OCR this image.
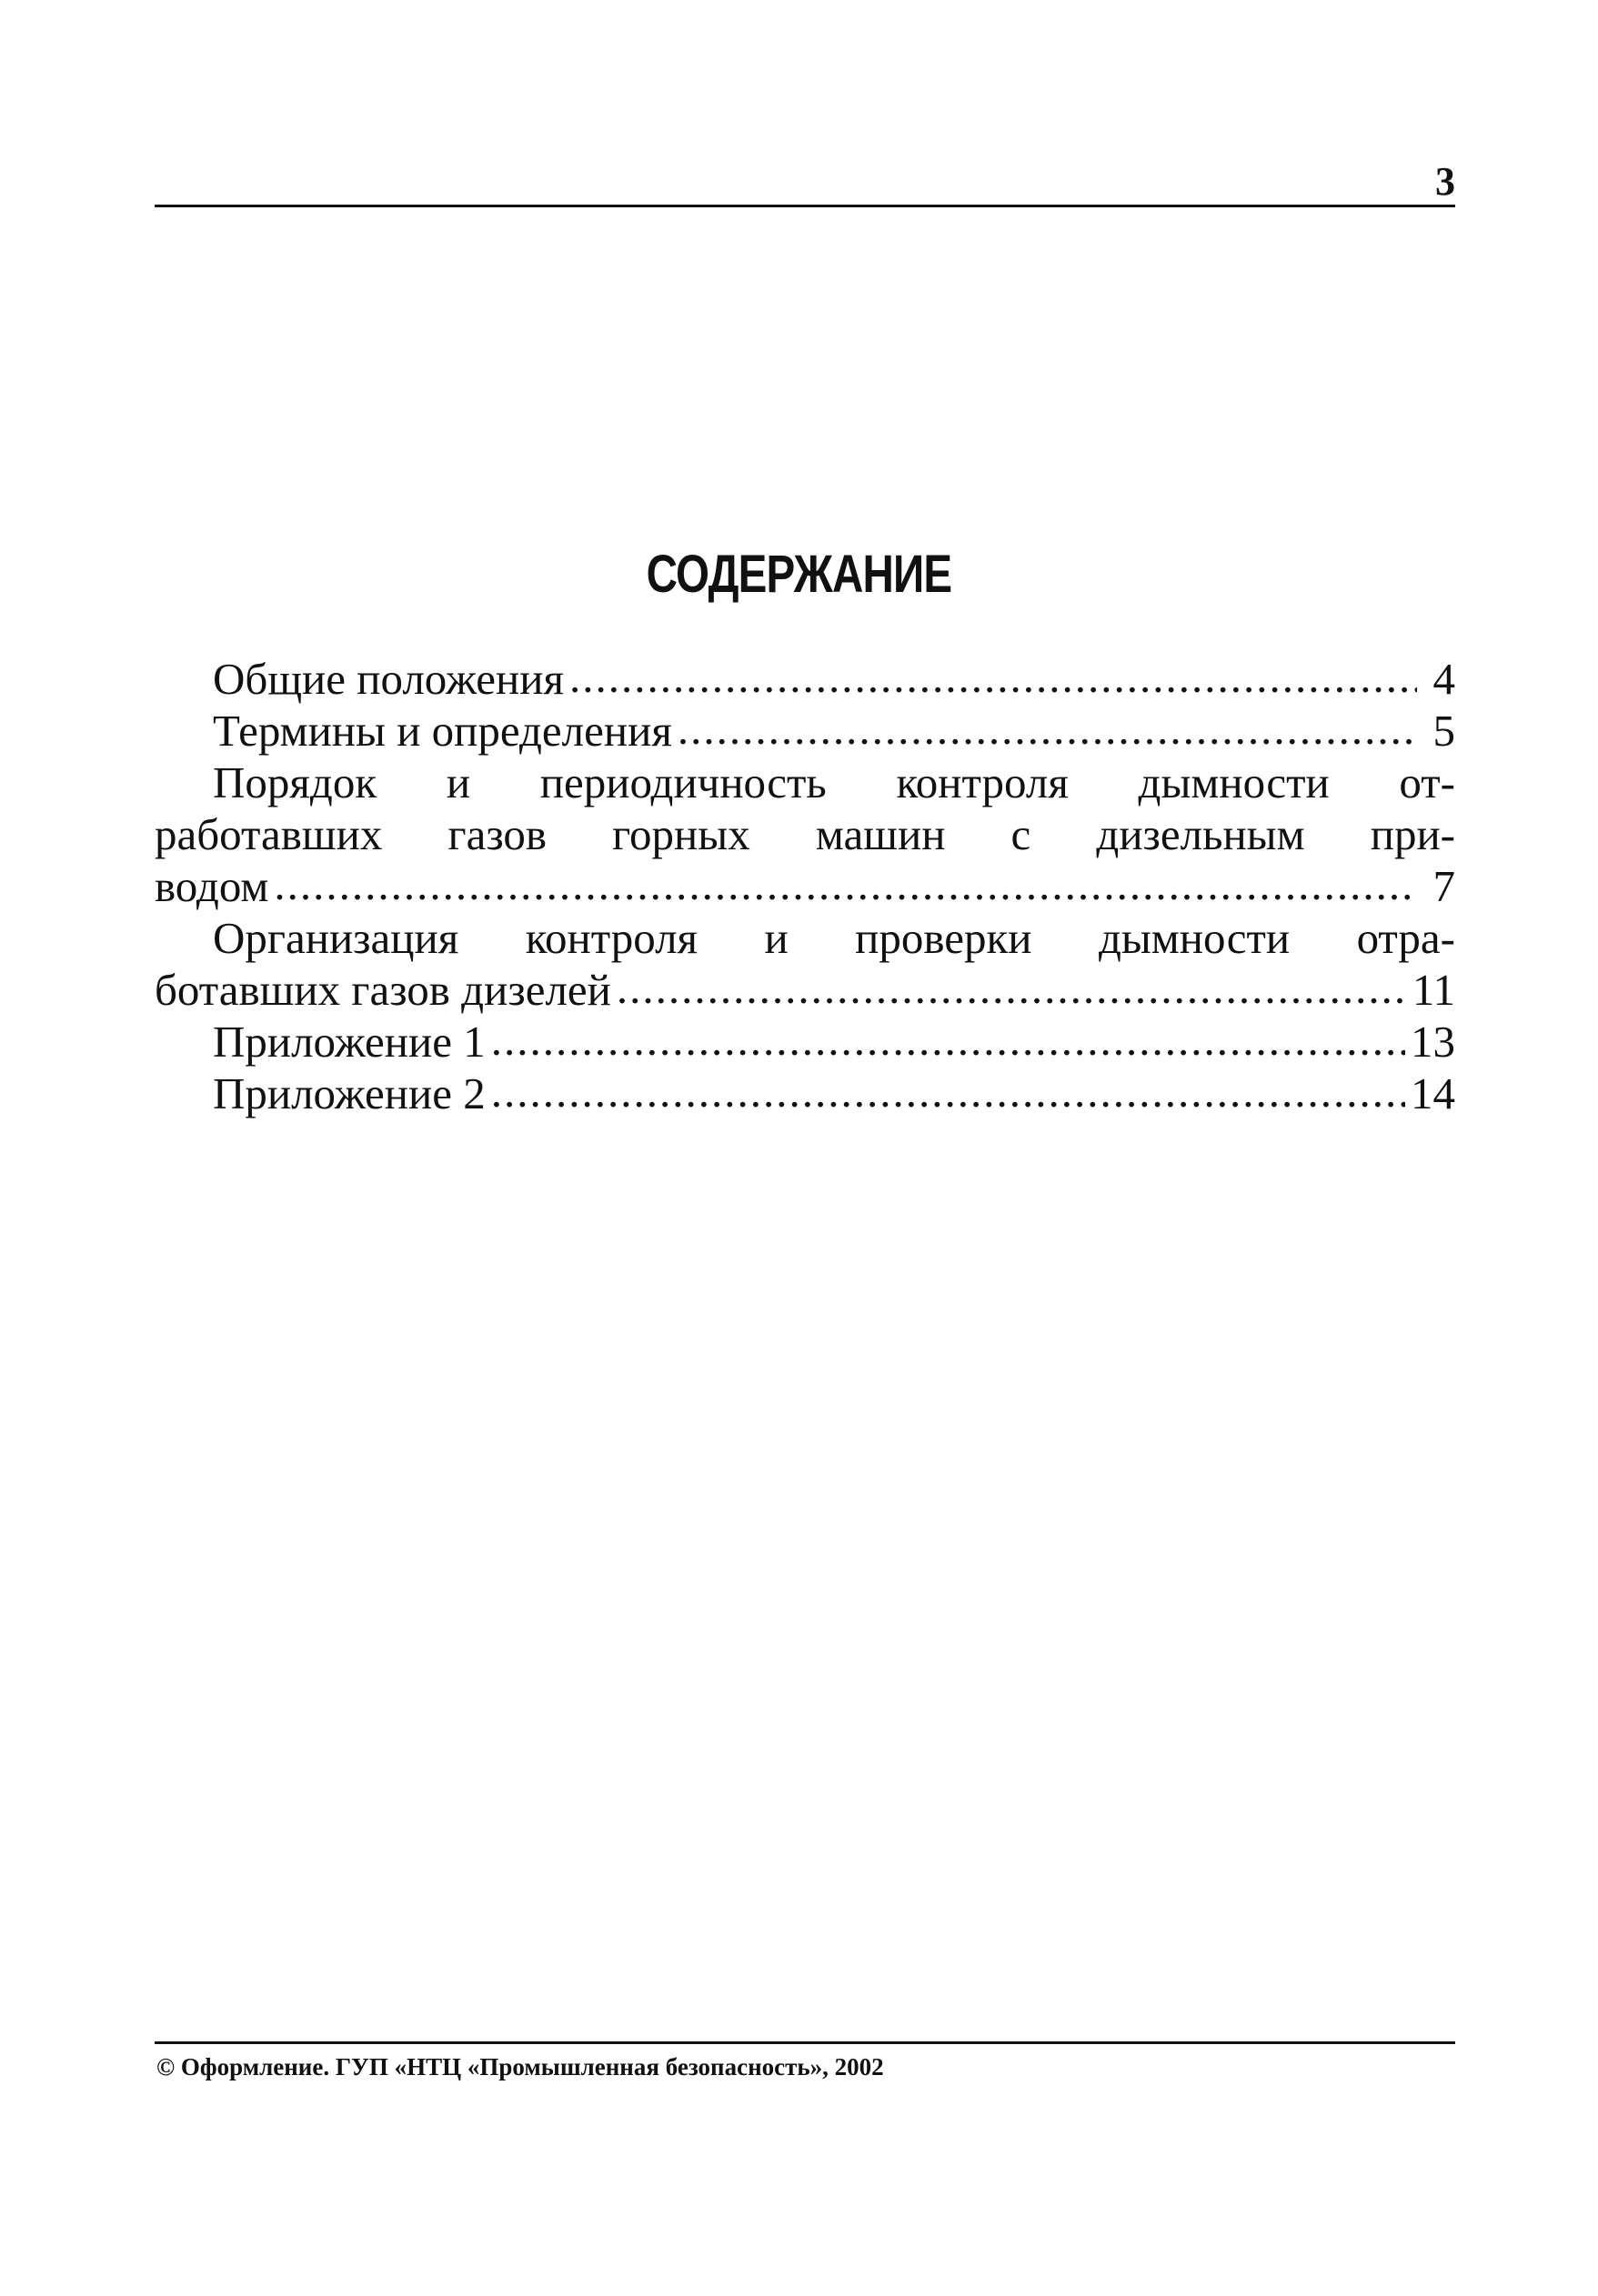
3
СОДЕРЖАНИЕ
Общие положения .....	4
Термины и определения .....	5
Порядок и периодичность контроля дымности от-
работавших газов горных машин с дизельным при-
водом .....	7
Организация контроля и проверки дымности отра-
ботавших газов дизелей .....	11
Приложение 1 .....	13
Приложение 2 .....	14
© Оформление. ГУП «НТЦ «Промышленная безопасность», 2002
